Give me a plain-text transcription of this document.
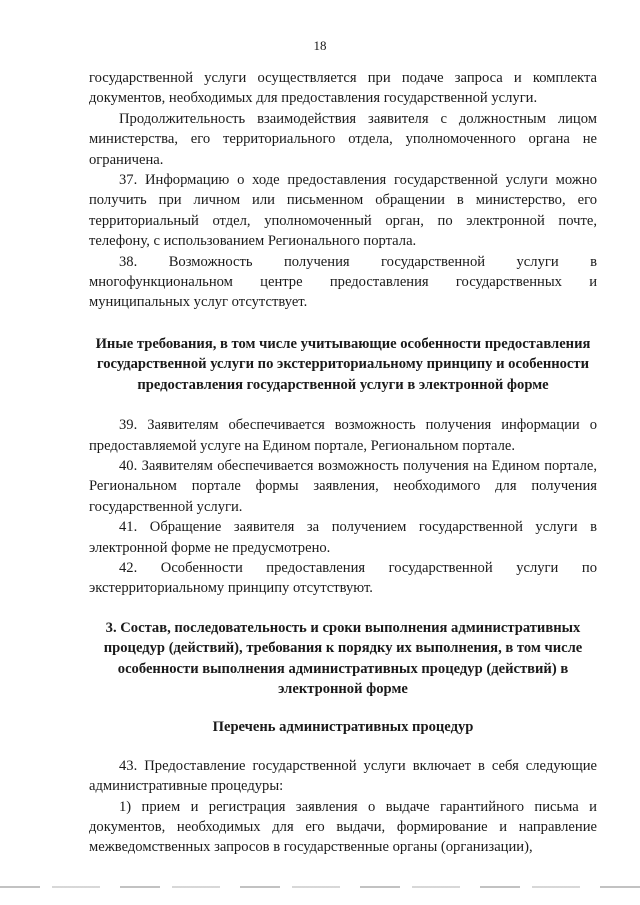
18

государственной услуги осуществляется при подаче запроса и комплекта документов, необходимых для предоставления государственной услуги.

Продолжительность взаимодействия заявителя с должностным лицом министерства, его территориального отдела, уполномоченного органа не ограничена.

37. Информацию о ходе предоставления государственной услуги можно получить при личном или письменном обращении в министерство, его территориальный отдел, уполномоченный орган, по электронной почте, телефону, с использованием Регионального портала.

38. Возможность получения государственной услуги в многофункциональном центре предоставления государственных и муниципальных услуг отсутствует.

Иные требования, в том числе учитывающие особенности предоставления государственной услуги по экстерриториальному принципу и особенности предоставления государственной услуги в электронной форме

39. Заявителям обеспечивается возможность получения информации о предоставляемой услуге на Едином портале, Региональном портале.

40. Заявителям обеспечивается возможность получения на Едином портале, Региональном портале формы заявления, необходимого для получения государственной услуги.

41. Обращение заявителя за получением государственной услуги в электронной форме не предусмотрено.

42. Особенности предоставления государственной услуги по экстерриториальному принципу отсутствуют.

3. Состав, последовательность и сроки выполнения административных процедур (действий), требования к порядку их выполнения, в том числе особенности выполнения административных процедур (действий) в электронной форме
Перечень административных процедур

43. Предоставление государственной услуги включает в себя следующие административные процедуры:

1) прием и регистрация заявления о выдаче гарантийного письма и документов, необходимых для его выдачи, формирование и направление межведомственных запросов в государственные органы (организации),
